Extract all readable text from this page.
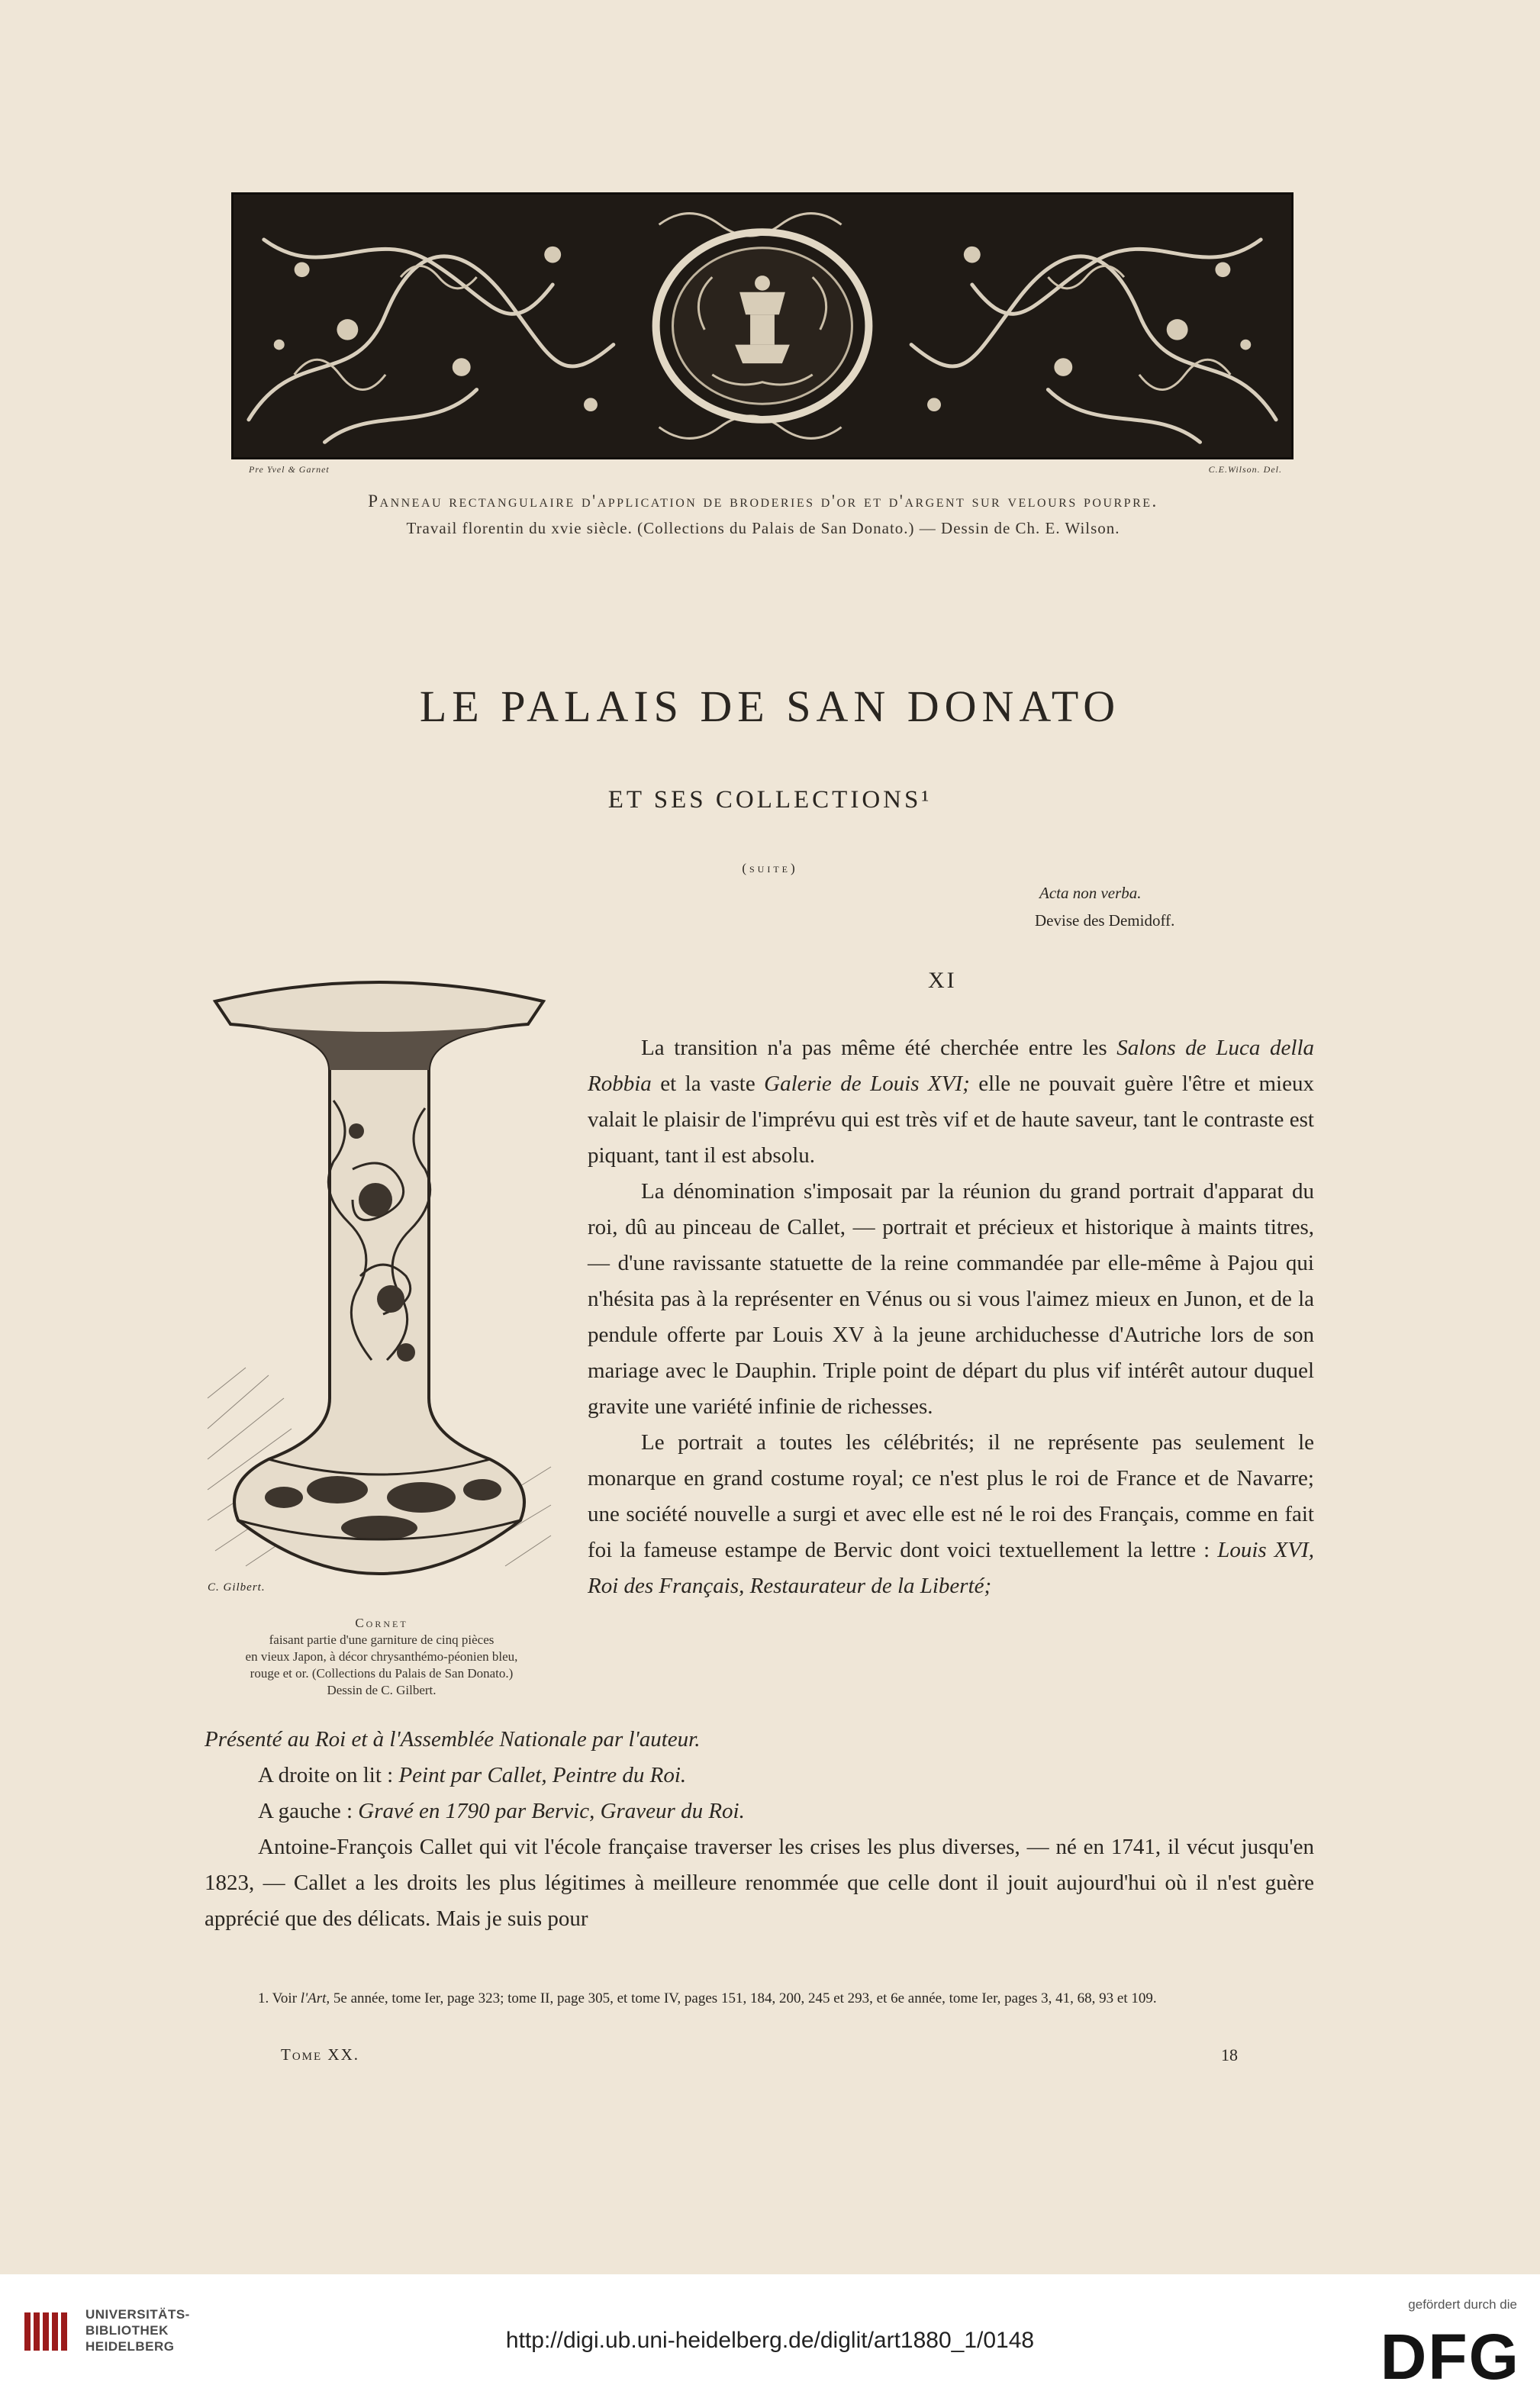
Pre Yvel & Garnet	C.E.Wilson. Del.
Panneau rectangulaire d'application de broderies d'or et d'argent sur velours pourpre.
Travail florentin du xvie siècle. (Collections du Palais de San Donato.) — Dessin de Ch. E. Wilson.
LE PALAIS DE SAN DONATO
ET SES COLLECTIONS¹
(suite)
Acta non verba.
Devise des Demidoff.
XI
C. Gilbert.
Cornet
faisant partie d'une garniture de cinq pièces
en vieux Japon, à décor chrysanthémo-péonien bleu,
rouge et or. (Collections du Palais de San Donato.)
Dessin de C. Gilbert.

La transition n'a pas même été cherchée entre les Salons de Luca della Robbia et la vaste Galerie de Louis XVI; elle ne pouvait guère l'être et mieux valait le plaisir de l'imprévu qui est très vif et de haute saveur, tant le contraste est piquant, tant il est absolu.

La dénomination s'imposait par la réunion du grand portrait d'apparat du roi, dû au pinceau de Callet, — portrait et précieux et historique à maints titres, — d'une ravissante statuette de la reine commandée par elle-même à Pajou qui n'hésita pas à la représenter en Vénus ou si vous l'aimez mieux en Junon, et de la pendule offerte par Louis XV à la jeune archiduchesse d'Autriche lors de son mariage avec le Dauphin. Triple point de départ du plus vif intérêt autour duquel gravite une variété infinie de richesses.

Le portrait a toutes les célébrités; il ne représente pas seulement le monarque en grand costume royal; ce n'est plus le roi de France et de Navarre; une société nouvelle a surgi et avec elle est né le roi des Français, comme en fait foi la fameuse estampe de Bervic dont voici textuellement la lettre : Louis XVI, Roi des Français, Restaurateur de la Liberté;

Présenté au Roi et à l'Assemblée Nationale par l'auteur.
A droite on lit : Peint par Callet, Peintre du Roi.
A gauche : Gravé en 1790 par Bervic, Graveur du Roi.

Antoine-François Callet qui vit l'école française traverser les crises les plus diverses, — né en 1741, il vécut jusqu'en 1823, — Callet a les droits les plus légitimes à meilleure renommée que celle dont il jouit aujourd'hui où il n'est guère apprécié que des délicats. Mais je suis pour

1. Voir l'Art, 5e année, tome Ier, page 323; tome II, page 305, et tome IV, pages 151, 184, 200, 245 et 293, et 6e année, tome Ier, pages 3, 41, 68, 93 et 109.
Tome XX.	18
UNIVERSITÄTS-
BIBLIOTHEK
HEIDELBERG	http://digi.ub.uni-heidelberg.de/diglit/art1880_1/0148
gefördert durch die
DFG
